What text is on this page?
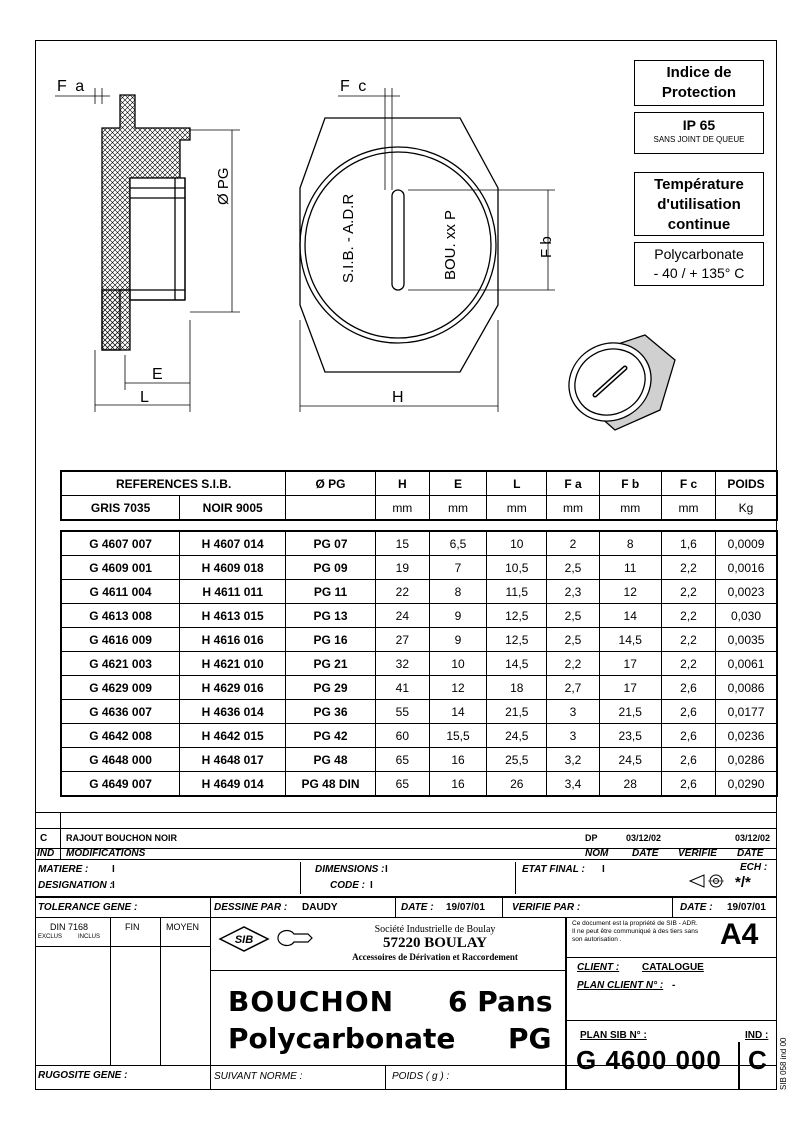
F a	F c
Ø PG
E
L
F b
H
S.I.B. - A.D.R	BOU. xx P
Indice de Protection
IP 65
SANS JOINT DE QUEUE
Température d'utilisation continue
Polycarbonate
- 40 / + 135° C
REFERENCES S.I.B.		Ø PG	H	E	L	F a	F b	F c	POIDS
GRIS 7035	NOIR 9005		mm	mm	mm	mm	mm	mm	Kg
G 4607 007	H 4607 014	PG 07	15	6,5	10	2	8	1,6	0,0009
G 4609 001	H 4609 018	PG 09	19	7	10,5	2,5	11	2,2	0,0016
G 4611 004	H 4611 011	PG 11	22	8	11,5	2,3	12	2,2	0,0023
G 4613 008	H 4613 015	PG 13	24	9	12,5	2,5	14	2,2	0,030
G 4616 009	H 4616 016	PG 16	27	9	12,5	2,5	14,5	2,2	0,0035
G 4621 003	H 4621 010	PG 21	32	10	14,5	2,2	17	2,2	0,0061
G 4629 009	H 4629 016	PG 29	41	12	18	2,7	17	2,6	0,0086
G 4636 007	H 4636 014	PG 36	55	14	21,5	3	21,5	2,6	0,0177
G 4642 008	H 4642 015	PG 42	60	15,5	24,5	3	23,5	2,6	0,0236
G 4648 000	H 4648 017	PG 48	65	16	25,5	3,2	24,5	2,6	0,0286
G 4649 007	H 4649 014	PG 48 DIN	65	16	26	3,4	28	2,6	0,0290
C RAJOUT BOUCHON NOIR	DP	03/12/02	03/12/02
IND MODIFICATIONS	NOM DATE VERIFIE DATE
MATIERE : I
DESIGNATION : I
DIMENSIONS : I
CODE : I
ETAT FINAL : I	ECH :
*/*
TOLERANCE GENE :	DESSINE PAR : DAUDY	DATE : 19/07/01	VERIFIE PAR :	DATE : 19/07/01
DIN 7168
EXCLUS	INCLUS
FIN	MOYEN
RUGOSITE GENE :
SIB
Société Industrielle de Boulay
57220 BOULAY
Accessoires de Dérivation et Raccordement
BOUCHON 6 Pans
Polycarbonate PG
SUIVANT NORME :	POIDS ( g ) :
Ce document est la propriété de SIB - ADR. Il ne peut être communiqué à des tiers sans son autorisation .	A4
CLIENT : CATALOGUE
PLAN CLIENT N° : -
PLAN SIB N° :	IND :
G 4600 000 C SIB 058 ind 00
